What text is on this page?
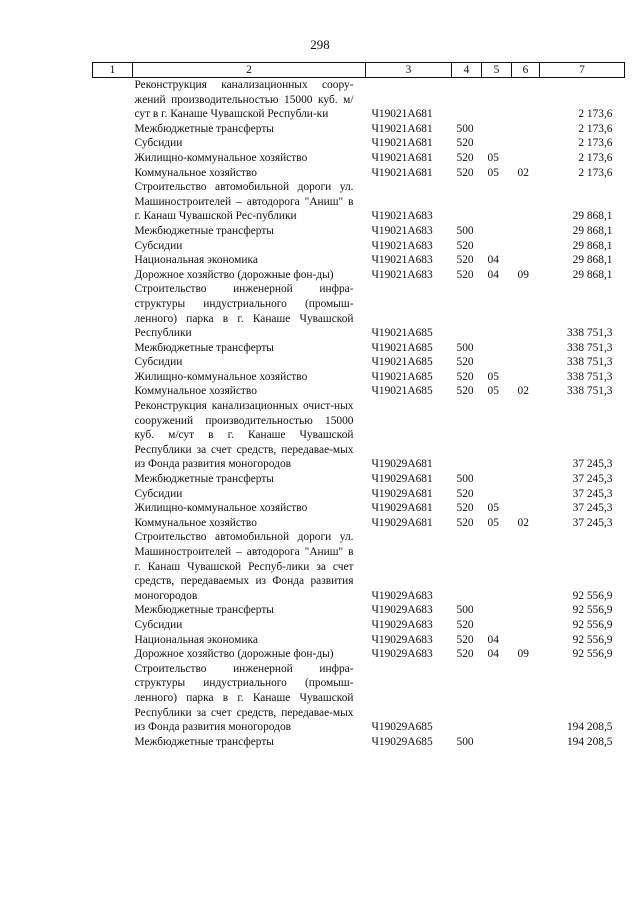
298
1	2	3	4	5	6	7
	Реконструкция канализационных соору-жений производительностью 15000 куб. м/сут в г. Канаше Чувашской Республи-ки	Ч19021А681				2 173,6
	Межбюджетные трансферты	Ч19021А681	500			2 173,6
	Субсидии	Ч19021А681	520			2 173,6
	Жилищно-коммунальное хозяйство	Ч19021А681	520	05		2 173,6
	Коммунальное хозяйство	Ч19021А681	520	05	02	2 173,6
	Строительство автомобильной дороги ул. Машиностроителей – автодорога "Аниш" в г. Канаш Чувашской Рес-публики	Ч19021А683				29 868,1
	Межбюджетные трансферты	Ч19021А683	500			29 868,1
	Субсидии	Ч19021А683	520			29 868,1
	Национальная экономика	Ч19021А683	520	04		29 868,1
	Дорожное хозяйство (дорожные фон-ды)	Ч19021А683	520	04	09	29 868,1
	Строительство инженерной инфра-структуры индустриального (промыш-ленного) парка в г. Канаше Чувашской Республики	Ч19021А685				338 751,3
	Межбюджетные трансферты	Ч19021А685	500			338 751,3
	Субсидии	Ч19021А685	520			338 751,3
	Жилищно-коммунальное хозяйство	Ч19021А685	520	05		338 751,3
	Коммунальное хозяйство	Ч19021А685	520	05	02	338 751,3
	Реконструкция канализационных очист-ных сооружений производительностью 15000 куб. м/сут в г. Канаше Чувашской Республики за счет средств, передавае-мых из Фонда развития моногородов	Ч19029А681				37 245,3
	Межбюджетные трансферты	Ч19029А681	500			37 245,3
	Субсидии	Ч19029А681	520			37 245,3
	Жилищно-коммунальное хозяйство	Ч19029А681	520	05		37 245,3
	Коммунальное хозяйство	Ч19029А681	520	05	02	37 245,3
	Строительство автомобильной дороги ул. Машиностроителей – автодорога "Аниш" в г. Канаш Чувашской Респуб-лики за счет средств, передаваемых из Фонда развития моногородов	Ч19029А683				92 556,9
	Межбюджетные трансферты	Ч19029А683	500			92 556,9
	Субсидии	Ч19029А683	520			92 556,9
	Национальная экономика	Ч19029А683	520	04		92 556,9
	Дорожное хозяйство (дорожные фон-ды)	Ч19029А683	520	04	09	92 556,9
	Строительство инженерной инфра-структуры индустриального (промыш-ленного) парка в г. Канаше Чувашской Республики за счет средств, передавае-мых из Фонда развития моногородов	Ч19029А685				194 208,5
	Межбюджетные трансферты	Ч19029А685	500			194 208,5
